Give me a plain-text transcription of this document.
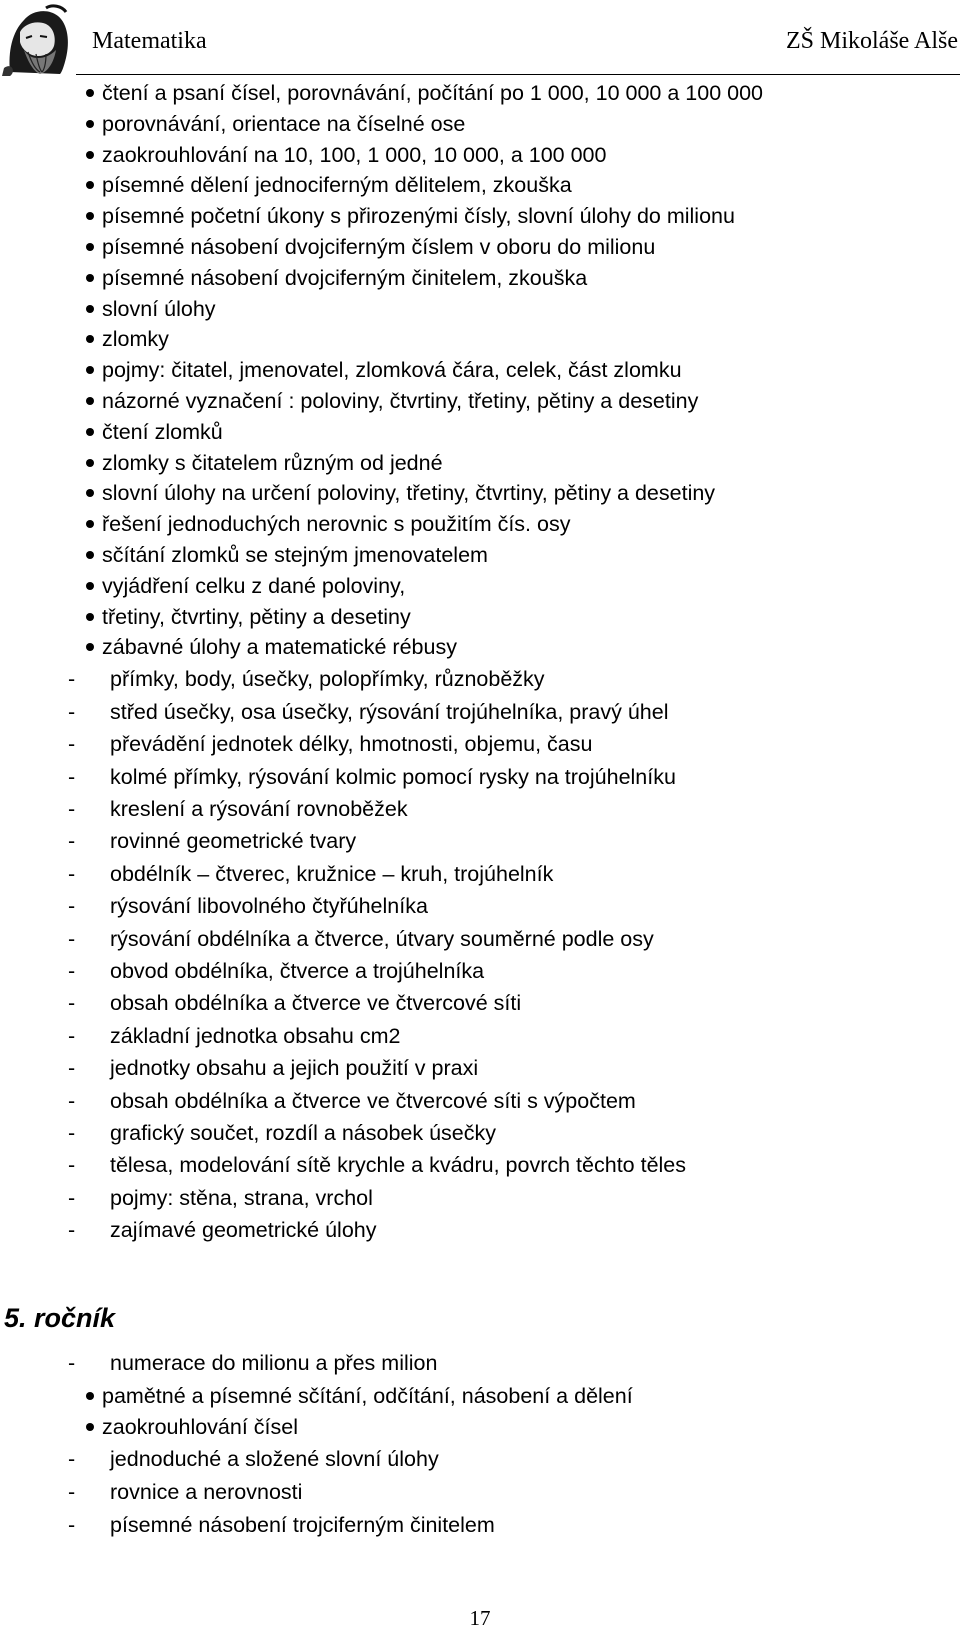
Matematika	ZŠ Mikoláše Alše
čtení a psaní čísel, porovnávání, počítání po 1 000, 10 000 a 100 000
porovnávání, orientace na číselné ose
zaokrouhlování na 10, 100, 1 000, 10 000, a 100 000
písemné dělení jednociferným dělitelem, zkouška
písemné početní úkony s přirozenými čísly, slovní úlohy do milionu
písemné násobení dvojciferným číslem v oboru do milionu
písemné násobení dvojciferným činitelem, zkouška
slovní úlohy
zlomky
pojmy: čitatel, jmenovatel, zlomková čára, celek, část zlomku
názorné vyznačení : poloviny, čtvrtiny, třetiny, pětiny a desetiny
čtení zlomků
zlomky s čitatelem různým od jedné
slovní úlohy na určení poloviny, třetiny, čtvrtiny, pětiny a desetiny
řešení jednoduchých nerovnic s použitím čís. osy
sčítání zlomků se stejným jmenovatelem
vyjádření celku z dané poloviny,
třetiny, čtvrtiny, pětiny a desetiny
zábavné úlohy a matematické rébusy
- přímky, body, úsečky, polopřímky, různoběžky
- střed úsečky, osa úsečky, rýsování trojúhelníka, pravý úhel
- převádění jednotek délky, hmotnosti, objemu, času
- kolmé přímky, rýsování kolmic pomocí rysky na trojúhelníku
- kreslení a rýsování rovnoběžek
- rovinné geometrické tvary
- obdélník – čtverec, kružnice – kruh, trojúhelník
- rýsování libovolného čtyřúhelníka
- rýsování obdélníka a čtverce, útvary souměrné podle osy
- obvod obdélníka, čtverce a trojúhelníka
- obsah obdélníka a čtverce ve čtvercové síti
- základní jednotka obsahu cm2
- jednotky obsahu a jejich použití v praxi
- obsah obdélníka a čtverce ve čtvercové síti s výpočtem
- grafický součet, rozdíl a násobek úsečky
- tělesa, modelování sítě krychle a kvádru, povrch těchto těles
- pojmy: stěna, strana, vrchol
- zajímavé geometrické úlohy
- numerace do milionu a přes milion
pamětné a písemné sčítání, odčítání, násobení a dělení
zaokrouhlování čísel
- jednoduché a složené slovní úlohy
- rovnice a nerovnosti
- písemné násobení trojciferným činitelem
5. ročník
17
